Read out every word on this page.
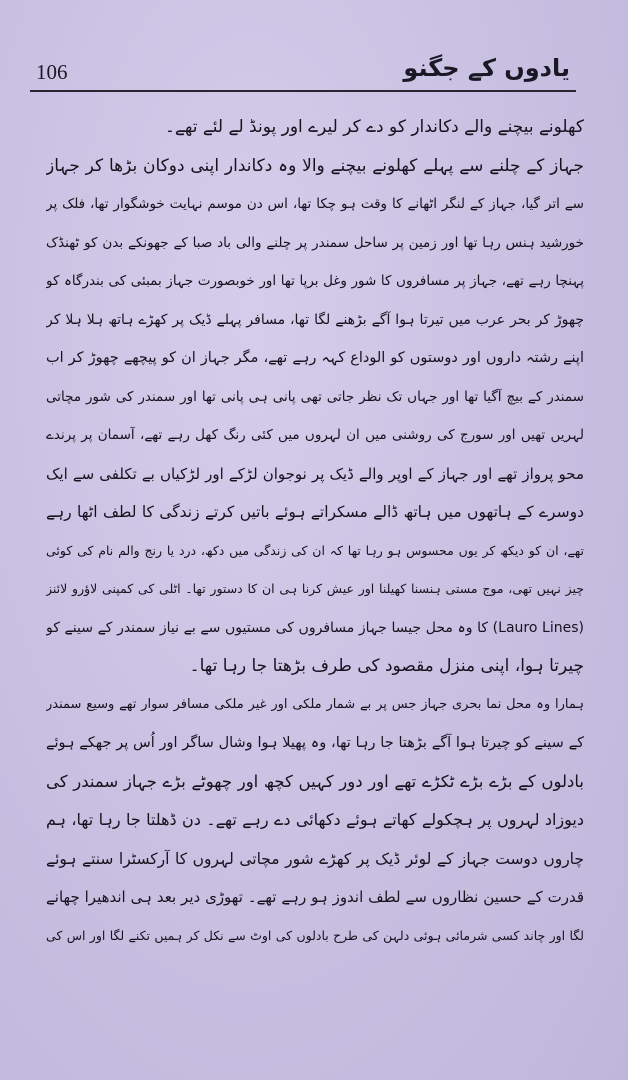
106	یادوں کے جگنو
کھلونے بیچنے والے دکاندار کو دے کر لیرے اور پونڈ لے لئے تھے۔
جہاز کے چلنے سے پہلے کھلونے بیچنے والا وہ دکاندار اپنی دوکان بڑھا کر جہاز
سے اتر گیا، جہاز کے لنگر اٹھانے کا وقت ہو چکا تھا، اس دن موسم نہایت خوشگوار تھا، فلک پر
خورشید ہنس رہا تھا اور زمین پر ساحل سمندر پر چلنے والی باد صبا کے جھونکے بدن کو ٹھنڈک
پہنچا رہے تھے، جہاز پر مسافروں کا شور وغل برپا تھا اور خوبصورت جہاز بمبئی کی بندرگاہ کو
چھوڑ کر بحر عرب میں تیرتا ہوا آگے بڑھنے لگا تھا، مسافر پہلے ڈیک پر کھڑے ہاتھ ہلا ہلا کر
اپنے رشتہ داروں اور دوستوں کو الوداع کہہ رہے تھے، مگر جہاز ان کو پیچھے چھوڑ کر اب
سمندر کے بیچ آگیا تھا اور جہاں تک نظر جاتی تھی پانی ہی پانی تھا اور سمندر کی شور مچاتی
لہریں تھیں اور سورج کی روشنی میں ان لہروں میں کئی رنگ کھل رہے تھے، آسمان پر پرندے
محو پرواز تھے اور جہاز کے اوپر والے ڈیک پر نوجوان لڑکے اور لڑکیاں بے تکلفی سے ایک
دوسرے کے ہاتھوں میں ہاتھ ڈالے مسکراتے ہوئے باتیں کرتے زندگی کا لطف اٹھا رہے
تھے، ان کو دیکھ کر یوں محسوس ہو رہا تھا کہ ان کی زندگی میں دکھ، درد یا رنج والم نام کی کوئی
چیز نہیں تھی، موج مستی ہنسنا کھیلنا اور عیش کرنا ہی ان کا دستور تھا۔ اٹلی کی کمپنی لاؤرو لائنز
(Lauro Lines) کا وہ محل جیسا جہاز مسافروں کی مستیوں سے بے نیاز سمندر کے سینے کو
چیرتا ہوا، اپنی منزل مقصود کی طرف بڑھتا جا رہا تھا۔
ہمارا وہ محل نما بحری جہاز جس پر بے شمار ملکی اور غیر ملکی مسافر سوار تھے وسیع سمندر
کے سینے کو چیرتا ہوا آگے بڑھتا جا رہا تھا، وہ پھیلا ہوا وشال ساگر اور اُس پر جھکے ہوئے
بادلوں کے بڑے بڑے ٹکڑے تھے اور دور کہیں کچھ اور چھوٹے بڑے جہاز سمندر کی
دیوزاد لہروں پر ہچکولے کھاتے ہوئے دکھائی دے رہے تھے۔ دن ڈھلتا جا رہا تھا، ہم
چاروں دوست جہاز کے لوئر ڈیک پر کھڑے شور مچاتی لہروں کا آرکسٹرا سنتے ہوئے
قدرت کے حسین نظاروں سے لطف اندوز ہو رہے تھے۔ تھوڑی دیر بعد ہی اندھیرا چھانے
لگا اور چاند کسی شرمائی ہوئی دلہن کی طرح بادلوں کی اوٹ سے نکل کر ہمیں تکنے لگا اور اس کی
